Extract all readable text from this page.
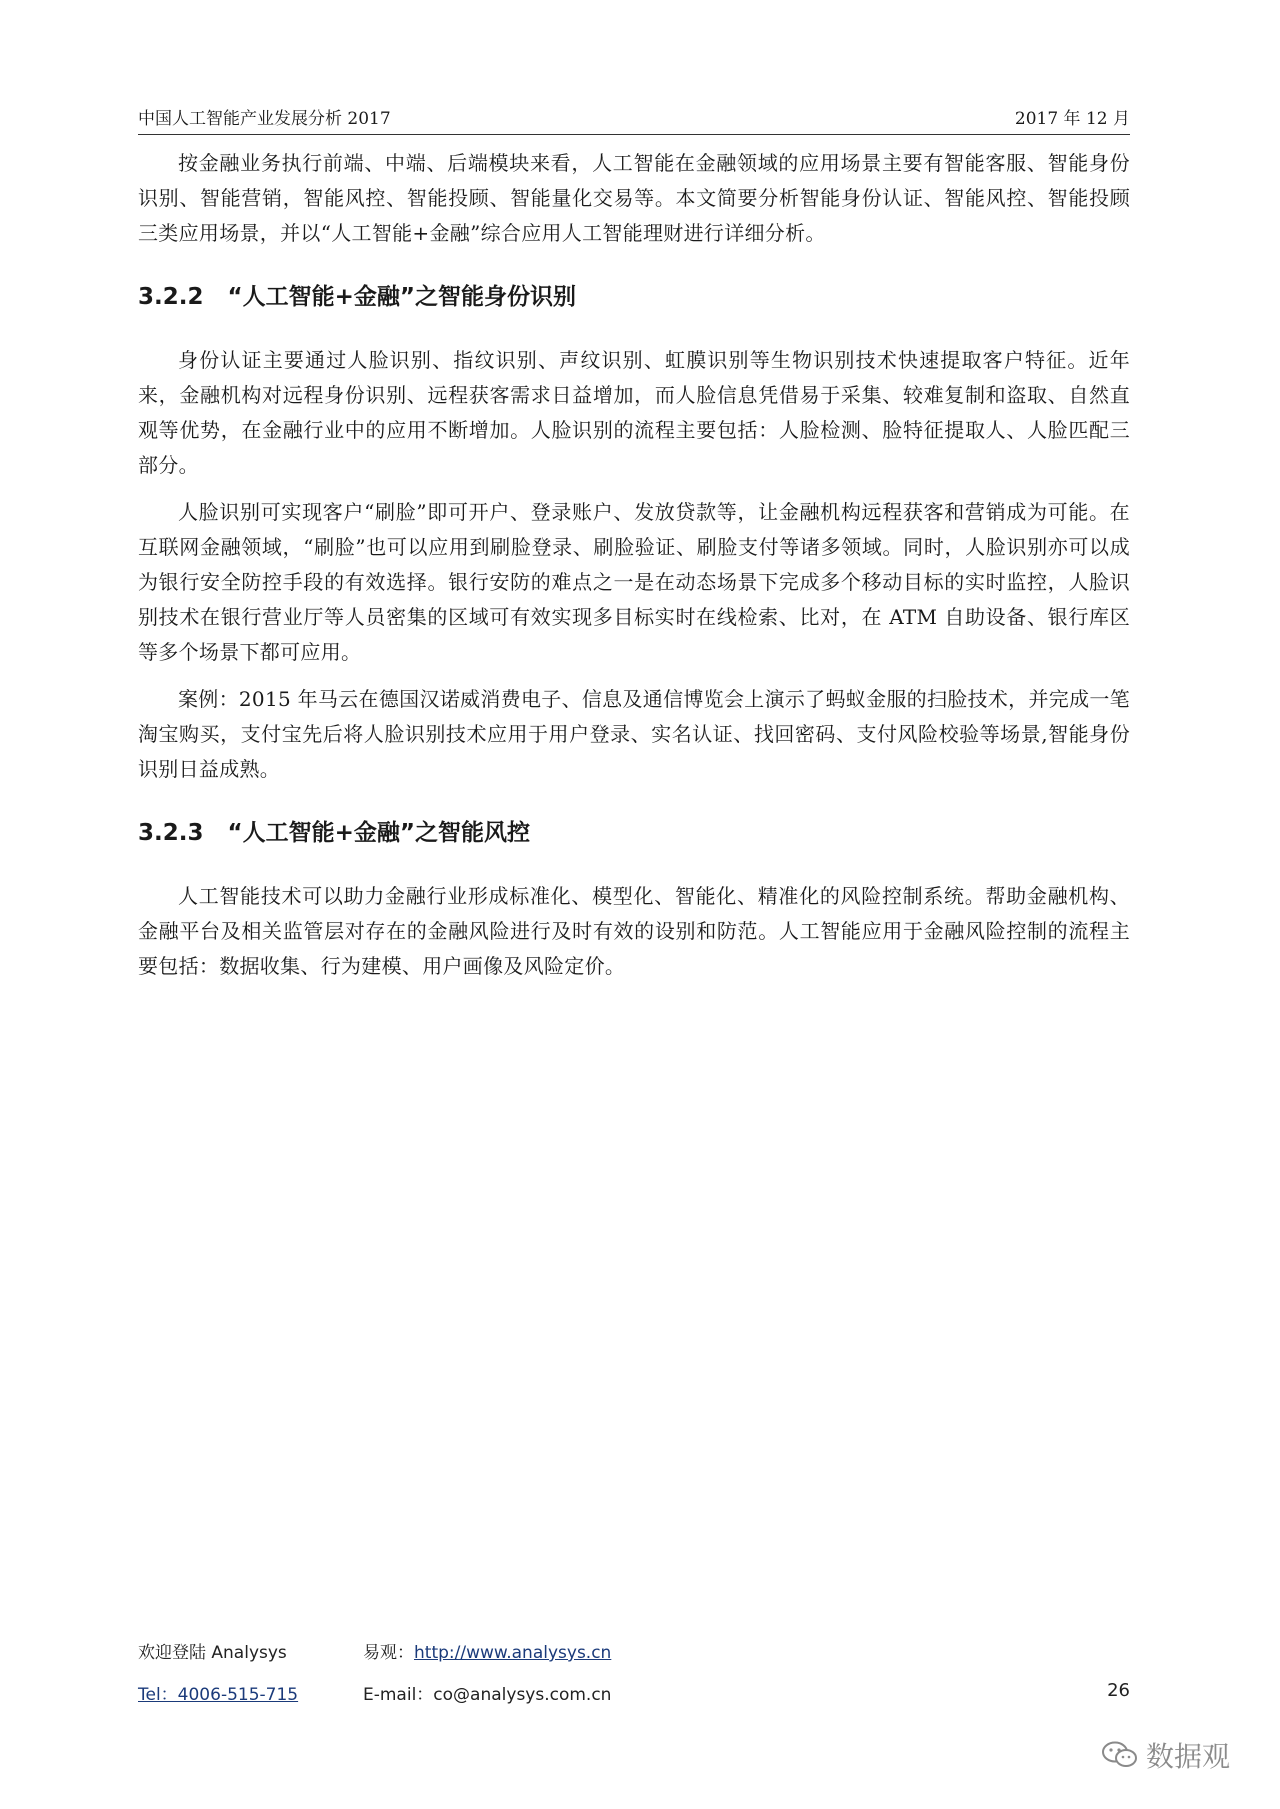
中国人工智能产业发展分析 2017	2017 年 12 月

按金融业务执行前端、中端、后端模块来看，人工智能在金融领域的应用场景主要有智能客服、智能身份识别、智能营销，智能风控、智能投顾、智能量化交易等。本文简要分析智能身份认证、智能风控、智能投顾三类应用场景，并以“人工智能+金融”综合应用人工智能理财进行详细分析。

3.2.2 “人工智能+金融”之智能身份识别

身份认证主要通过人脸识别、指纹识别、声纹识别、虹膜识别等生物识别技术快速提取客户特征。近年来，金融机构对远程身份识别、远程获客需求日益增加，而人脸信息凭借易于采集、较难复制和盗取、自然直观等优势，在金融行业中的应用不断增加。人脸识别的流程主要包括：人脸检测、脸特征提取人、人脸匹配三部分。

人脸识别可实现客户“刷脸”即可开户、登录账户、发放贷款等，让金融机构远程获客和营销成为可能。在互联网金融领域，“刷脸”也可以应用到刷脸登录、刷脸验证、刷脸支付等诸多领域。同时，人脸识别亦可以成为银行安全防控手段的有效选择。银行安防的难点之一是在动态场景下完成多个移动目标的实时监控，人脸识别技术在银行营业厅等人员密集的区域可有效实现多目标实时在线检索、比对，在 ATM 自助设备、银行库区等多个场景下都可应用。

案例：2015 年马云在德国汉诺威消费电子、信息及通信博览会上演示了蚂蚁金服的扫脸技术，并完成一笔淘宝购买，支付宝先后将人脸识别技术应用于用户登录、实名认证、找回密码、支付风险校验等场景,智能身份识别日益成熟。

3.2.3 “人工智能+金融”之智能风控

人工智能技术可以助力金融行业形成标准化、模型化、智能化、精准化的风险控制系统。帮助金融机构、金融平台及相关监管层对存在的金融风险进行及时有效的设别和防范。人工智能应用于金融风险控制的流程主要包括：数据收集、行为建模、用户画像及风险定价。

欢迎登陆 Analysys	易观：http://www.analysys.cn
Tel：4006-515-715	E-mail：co@analysys.com.cn	26
数据观
